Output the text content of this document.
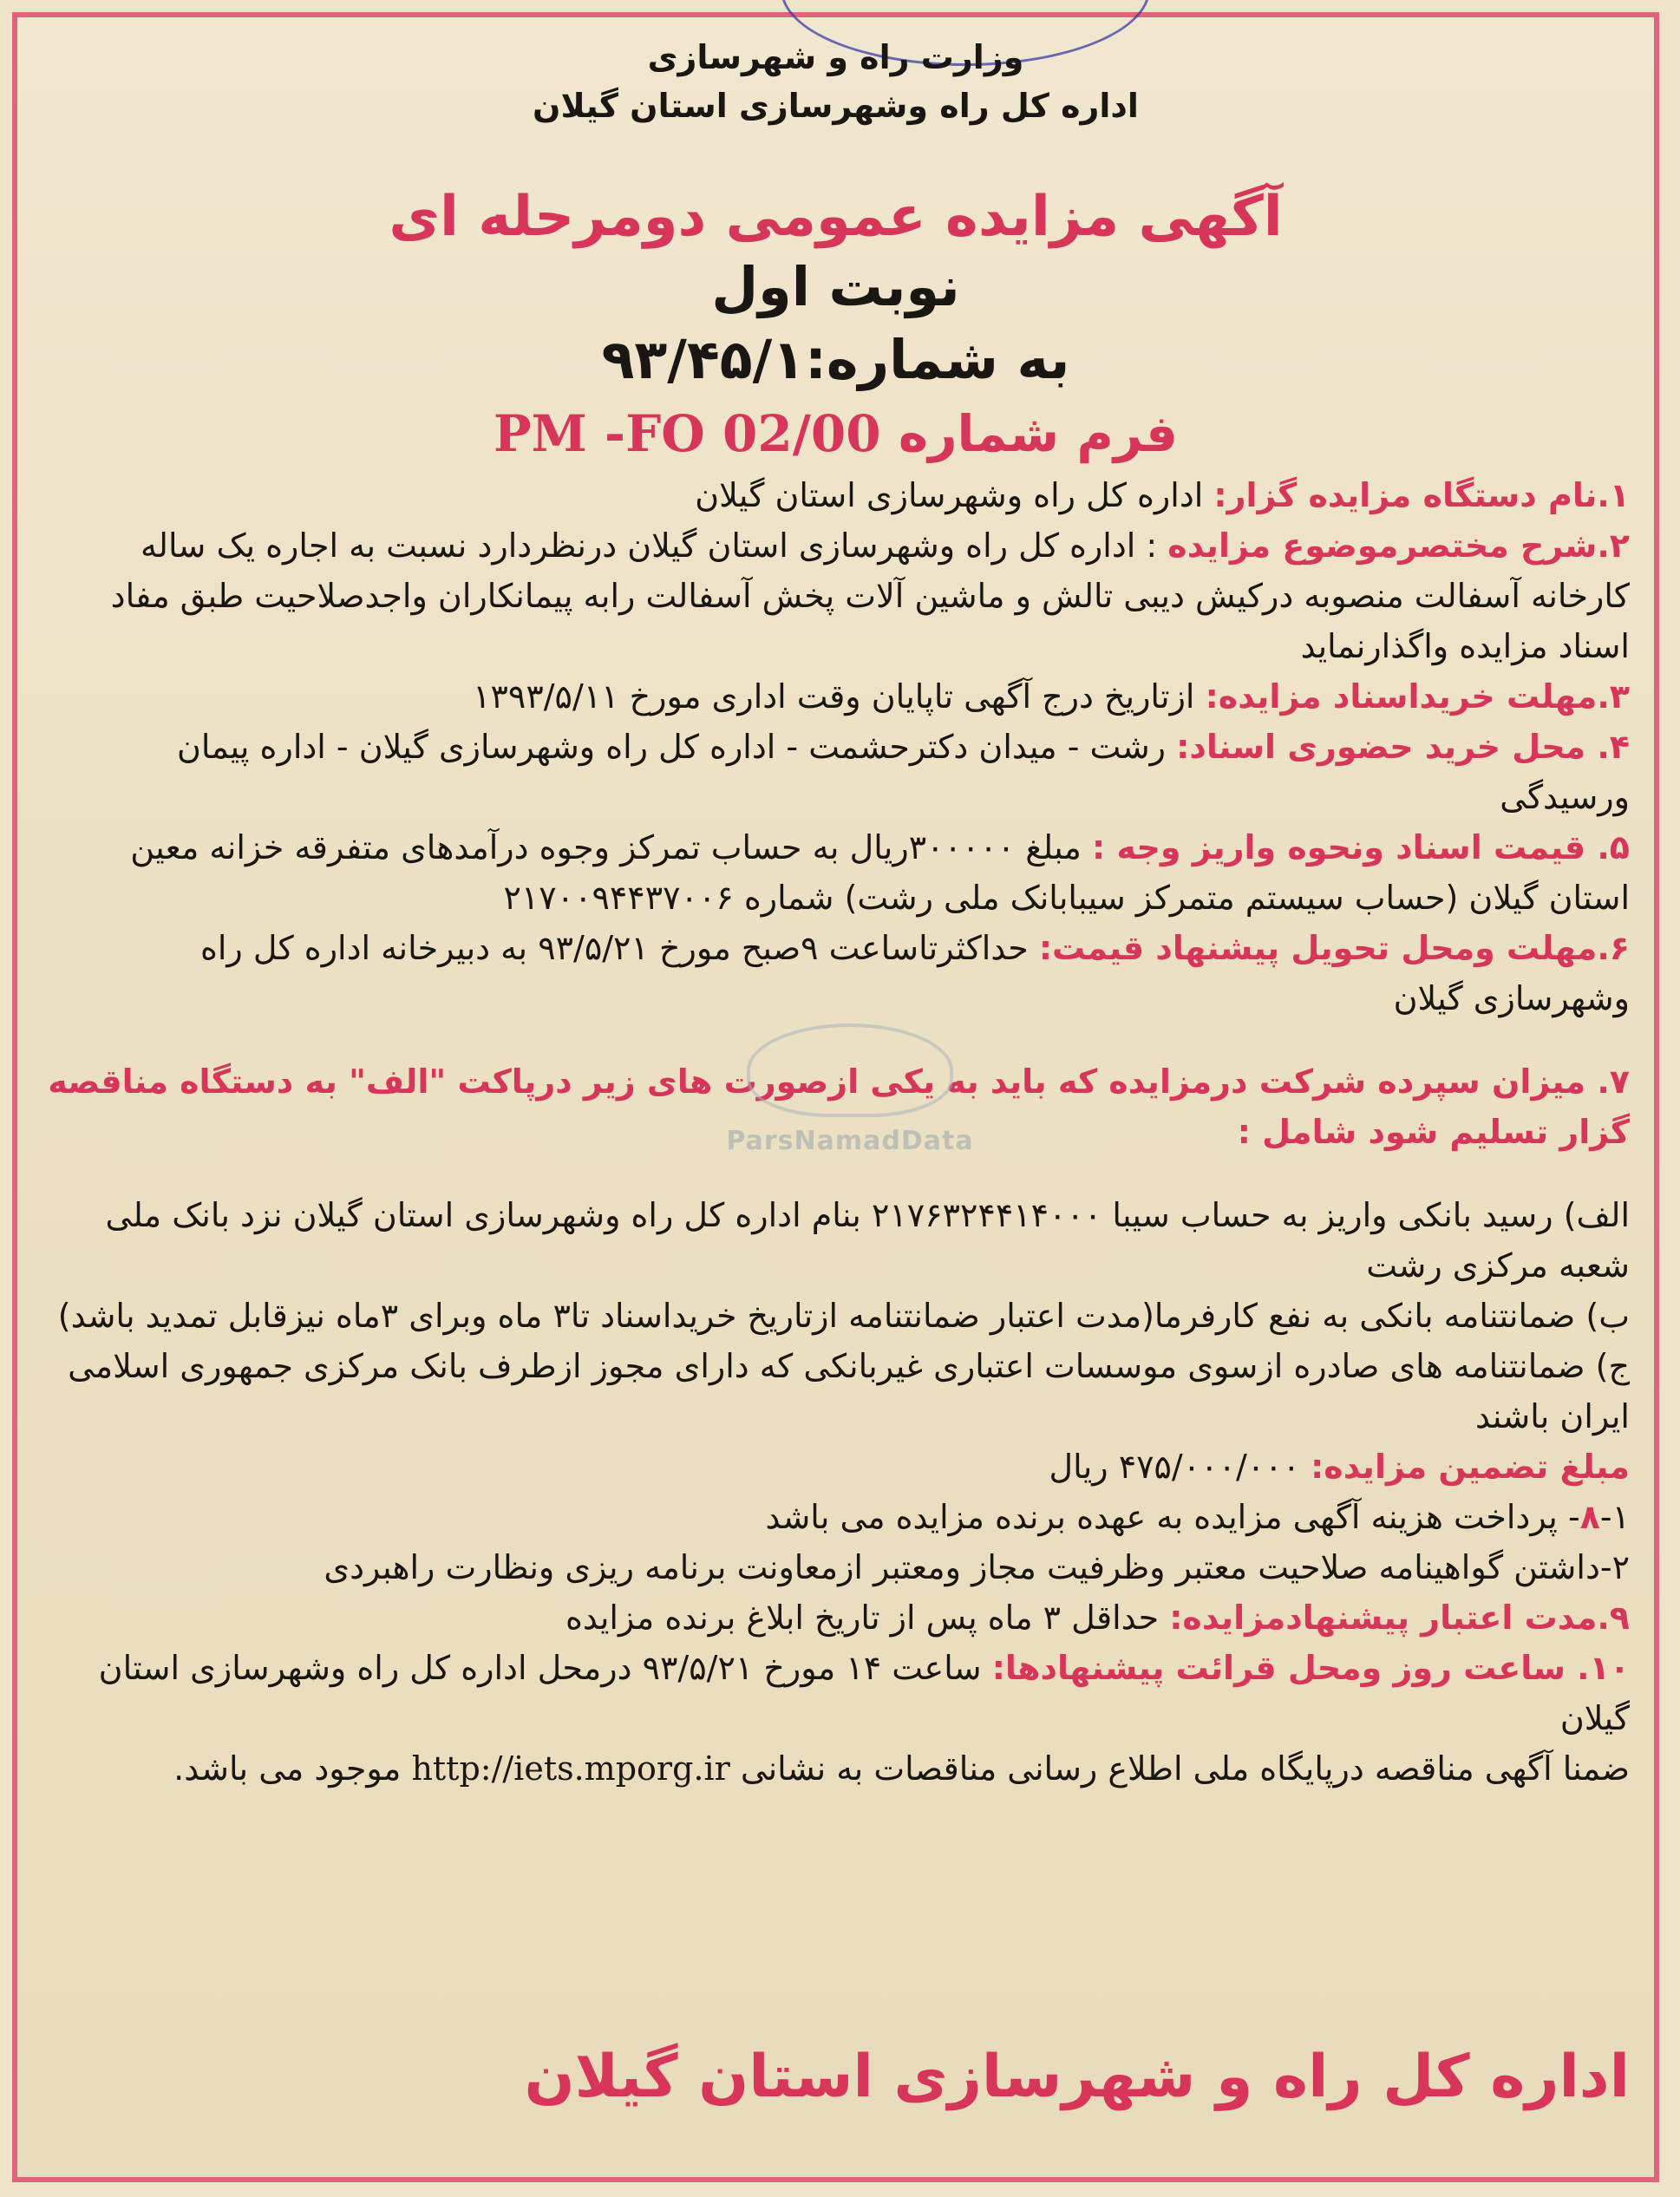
وزارت راه و شهرسازی
اداره کل راه وشهرسازی استان گیلان
آگهی مزایده عمومی دومرحله ای
نوبت اول
به شماره:۹۳/۴۵/۱
فرم شماره PM -FO 02/00

۱.نام دستگاه مزایده گزار: اداره کل راه وشهرسازی استان گیلان

۲.شرح مختصرموضوع مزایده : اداره کل راه وشهرسازی استان گیلان درنظردارد نسبت به اجاره یک ساله کارخانه آسفالت منصوبه درکیش دیبی تالش و ماشین آلات پخش آسفالت رابه پیمانکاران واجدصلاحیت طبق مفاد اسناد مزایده واگذارنماید

۳.مهلت خریداسناد مزایده: ازتاریخ درج آگهی تاپایان وقت اداری مورخ ۱۳۹۳/۵/۱۱

۴. محل خرید حضوری اسناد: رشت - میدان دکترحشمت - اداره کل راه وشهرسازی گیلان - اداره پیمان ورسیدگی

۵. قیمت اسناد ونحوه واریز وجه : مبلغ ۳۰۰۰۰۰ریال به حساب تمرکز وجوه درآمدهای متفرقه خزانه معین استان گیلان (حساب سیستم متمرکز سیبابانک ملی رشت) شماره ۲۱۷۰۰۹۴۴۳۷۰۰۶

۶.مهلت ومحل تحویل پیشنهاد قیمت: حداکثرتاساعت ۹صبح مورخ ۹۳/۵/۲۱ به دبیرخانه اداره کل راه وشهرسازی گیلان

۷. میزان سپرده شرکت درمزایده که باید به یکی ازصورت های زیر درپاکت "الف" به دستگاه مناقصه گزار تسلیم شود شامل :

الف) رسید بانکی واریز به حساب سیبا ۲۱۷۶۳۲۴۴۱۴۰۰۰ بنام اداره کل راه وشهرسازی استان گیلان نزد بانک ملی شعبه مرکزی رشت

ب) ضمانتنامه بانکی به نفع کارفرما(مدت اعتبار ضمانتنامه ازتاریخ خریداسناد تا۳ ماه وبرای ۳ماه نیزقابل تمدید باشد)

ج) ضمانتنامه های صادره ازسوی موسسات اعتباری غیربانکی که دارای مجوز ازطرف بانک مرکزی جمهوری اسلامی ایران باشند

مبلغ تضمین مزایده: ۴۷۵/۰۰۰/۰۰۰ ریال

۸-۱- پرداخت هزینه آگهی مزایده به عهده برنده مزایده می باشد

۲-داشتن گواهینامه صلاحیت معتبر وظرفیت مجاز ومعتبر ازمعاونت برنامه ریزی ونظارت راهبردی

۹.مدت اعتبار پیشنهادمزایده: حداقل ۳ ماه پس از تاریخ ابلاغ برنده مزایده

۱۰. ساعت روز ومحل قرائت پیشنهادها: ساعت ۱۴ مورخ ۹۳/۵/۲۱ درمحل اداره کل راه وشهرسازی استان گیلان

ضمنا آگهی مناقصه درپایگاه ملی اطلاع رسانی مناقصات به نشانی http://iets.mporg.ir موجود می باشد.

اداره کل راه و شهرسازی استان گیلان
ParsNamadData
